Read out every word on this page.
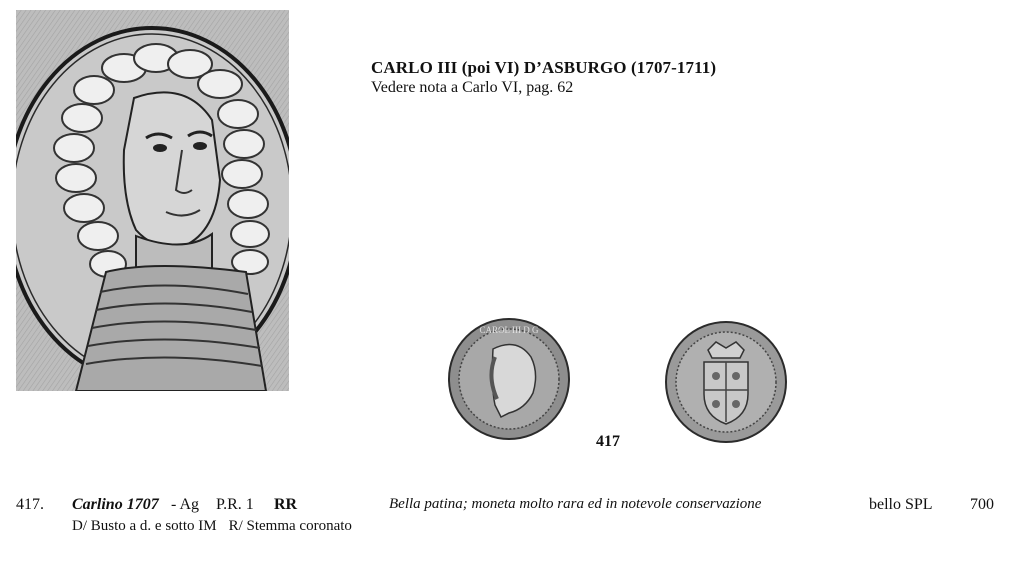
CARLO III (poi VI) D’ASBURGO (1707-1711)
Vedere nota a Carlo VI, pag. 62
CAROL III D G
417
417. Carlino 1707 - Ag P.R. 1 RR	Bella patina; moneta molto rara ed in notevole conservazione	bello SPL 700
D/ Busto a d. e sotto IM R/ Stemma coronato
